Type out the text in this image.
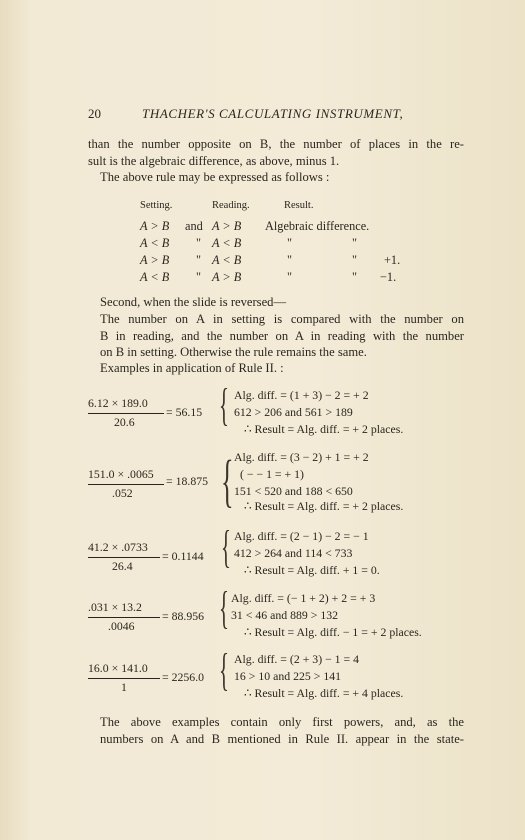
20	THACHER'S CALCULATING INSTRUMENT,
than the number opposite on B, the number of places in the re-
sult is the algebraic difference, as above, minus 1.
The above rule may be expressed as follows :
Setting.	Reading.	Result.
A > B and A > B Algebraic difference.
A < B " A < B	"	"
A > B " A < B	"	" +1.
A < B " A > B	"	" −1.
Second, when the slide is reversed—
The number on A in setting is compared with the number on
B in reading, and the number on A in reading with the number
on B in setting. Otherwise the rule remains the same.
Examples in application of Rule II. :
6.12 × 189.0
20.6
= 56.15 { Alg. diff. = (1 + 3) − 2 = + 2
612 > 206 and 561 > 189
∴ Result = Alg. diff. = + 2 places.
151.0 × .0065
.052
= 18.875 { Alg. diff. = (3 − 2) + 1 = + 2
( − − 1 = + 1)
151 < 520 and 188 < 650
∴ Result = Alg. diff. = + 2 places.
41.2 × .0733
26.4
= 0.1144 { Alg. diff. = (2 − 1) − 2 = − 1
412 > 264 and 114 < 733
∴ Result = Alg. diff. + 1 = 0.
.031 × 13.2
.0046
= 88.956 { Alg. diff. = (− 1 + 2) + 2 = + 3
31 < 46 and 889 > 132
∴ Result = Alg. diff. − 1 = + 2 places.
16.0 × 141.0
1
= 2256.0 { Alg. diff. = (2 + 3) − 1 = 4
16 > 10 and 225 > 141
∴ Result = Alg. diff. = + 4 places.
The above examples contain only first powers, and, as the
numbers on A and B mentioned in Rule II. appear in the state-
